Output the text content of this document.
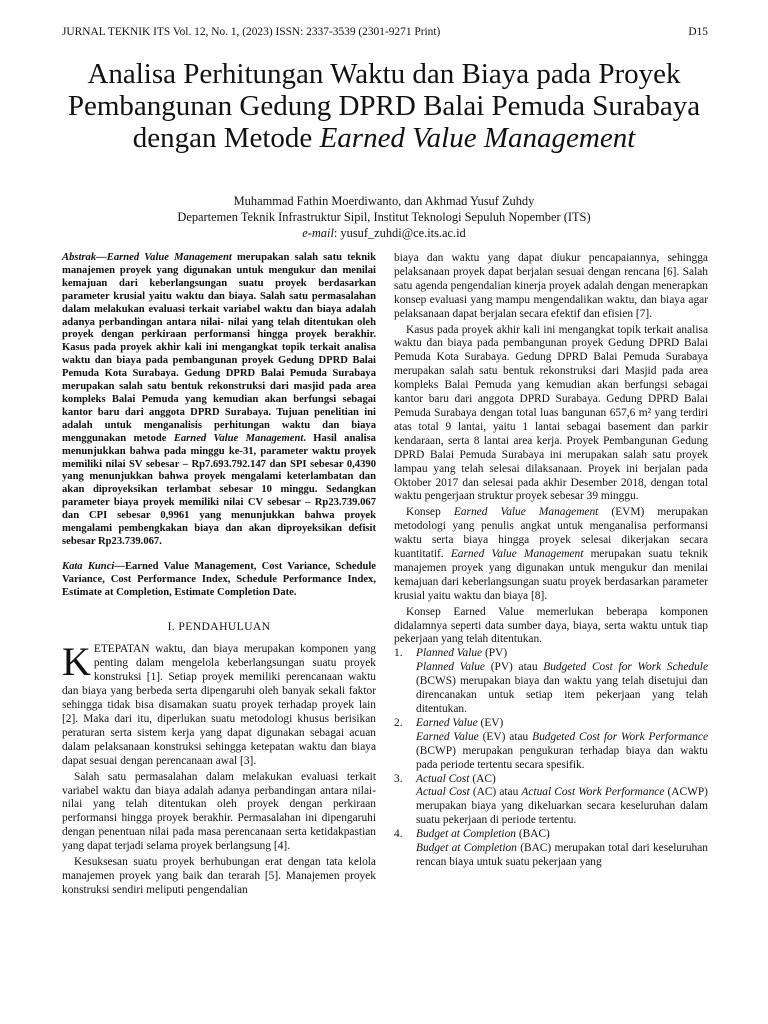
JURNAL TEKNIK ITS Vol. 12, No. 1, (2023) ISSN: 2337-3539 (2301-9271 Print)	D15
Analisa Perhitungan Waktu dan Biaya pada Proyek Pembangunan Gedung DPRD Balai Pemuda Surabaya dengan Metode Earned Value Management
Muhammad Fathin Moerdiwanto, dan Akhmad Yusuf Zuhdy
Departemen Teknik Infrastruktur Sipil, Institut Teknologi Sepuluh Nopember (ITS)
e-mail: yusuf_zuhdi@ce.its.ac.id

Abstrak—Earned Value Management merupakan salah satu teknik manajemen proyek yang digunakan untuk mengukur dan menilai kemajuan dari keberlangsungan suatu proyek berdasarkan parameter krusial yaitu waktu dan biaya. Salah satu permasalahan dalam melakukan evaluasi terkait variabel waktu dan biaya adalah adanya perbandingan antara nilai- nilai yang telah ditentukan oleh proyek dengan perkiraan performansi hingga proyek berakhir. Kasus pada proyek akhir kali ini mengangkat topik terkait analisa waktu dan biaya pada pembangunan proyek Gedung DPRD Balai Pemuda Kota Surabaya. Gedung DPRD Balai Pemuda Surabaya merupakan salah satu bentuk rekonstruksi dari masjid pada area kompleks Balai Pemuda yang kemudian akan berfungsi sebagai kantor baru dari anggota DPRD Surabaya. Tujuan penelitian ini adalah untuk menganalisis perhitungan waktu dan biaya menggunakan metode Earned Value Management. Hasil analisa menunjukkan bahwa pada minggu ke-31, parameter waktu proyek memiliki nilai SV sebesar – Rp7.693.792.147 dan SPI sebesar 0,4390 yang menunjukkan bahwa proyek mengalami keterlambatan dan akan diproyeksikan terlambat sebesar 10 minggu. Sedangkan parameter biaya proyek memiliki nilai CV sebesar – Rp23.739.067 dan CPI sebesar 0,9961 yang menunjukkan bahwa proyek mengalami pembengkakan biaya dan akan diproyeksikan defisit sebesar Rp23.739.067.

Kata Kunci—Earned Value Management, Cost Variance, Schedule Variance, Cost Performance Index, Schedule Performance Index, Estimate at Completion, Estimate Completion Date.

I. PENDAHULUAN

KETEPATAN waktu, dan biaya merupakan komponen yang penting dalam mengelola keberlangsungan suatu proyek konstruksi [1]. Setiap proyek memiliki perencanaan waktu dan biaya yang berbeda serta dipengaruhi oleh banyak sekali faktor sehingga tidak bisa disamakan suatu proyek terhadap proyek lain [2]. Maka dari itu, diperlukan suatu metodologi khusus berisikan peraturan serta sistem kerja yang dapat digunakan sebagai acuan dalam pelaksanaan konstruksi sehingga ketepatan waktu dan biaya dapat sesuai dengan perencanaan awal [3].

Salah satu permasalahan dalam melakukan evaluasi terkait variabel waktu dan biaya adalah adanya perbandingan antara nilai- nilai yang telah ditentukan oleh proyek dengan perkiraan performansi hingga proyek berakhir. Permasalahan ini dipengaruhi dengan penentuan nilai pada masa perencanaan serta ketidakpastian yang dapat terjadi selama proyek berlangsung [4].

Kesuksesan suatu proyek berhubungan erat dengan tata kelola manajemen proyek yang baik dan terarah [5]. Manajemen proyek konstruksi sendiri meliputi pengendalian

biaya dan waktu yang dapat diukur pencapaiannya, sehingga pelaksanaan proyek dapat berjalan sesuai dengan rencana [6]. Salah satu agenda pengendalian kinerja proyek adalah dengan menerapkan konsep evaluasi yang mampu mengendalikan waktu, dan biaya agar pelaksanaan dapat berjalan secara efektif dan efisien [7].

Kasus pada proyek akhir kali ini mengangkat topik terkait analisa waktu dan biaya pada pembangunan proyek Gedung DPRD Balai Pemuda Kota Surabaya. Gedung DPRD Balai Pemuda Surabaya merupakan salah satu bentuk rekonstruksi dari Masjid pada area kompleks Balai Pemuda yang kemudian akan berfungsi sebagai kantor baru dari anggota DPRD Surabaya. Gedung DPRD Balai Pemuda Surabaya dengan total luas bangunan 657,6 m² yang terdiri atas total 9 lantai, yaitu 1 lantai sebagai basement dan parkir kendaraan, serta 8 lantai area kerja. Proyek Pembangunan Gedung DPRD Balai Pemuda Surabaya ini merupakan salah satu proyek lampau yang telah selesai dilaksanaan. Proyek ini berjalan pada Oktober 2017 dan selesai pada akhir Desember 2018, dengan total waktu pengerjaan struktur proyek sebesar 39 minggu.

Konsep Earned Value Management (EVM) merupakan metodologi yang penulis angkat untuk menganalisa performansi waktu serta biaya hingga proyek selesai dikerjakan secara kuantitatif. Earned Value Management merupakan suatu teknik manajemen proyek yang digunakan untuk mengukur dan menilai kemajuan dari keberlangsungan suatu proyek berdasarkan parameter krusial yaitu waktu dan biaya [8].

Konsep Earned Value memerlukan beberapa komponen didalamnya seperti data sumber daya, biaya, serta waktu untuk tiap pekerjaan yang telah ditentukan.

1. Planned Value (PV)
Planned Value (PV) atau Budgeted Cost for Work Schedule (BCWS) merupakan biaya dan waktu yang telah disetujui dan direncanakan untuk setiap item pekerjaan yang telah ditentukan.
2. Earned Value (EV)
Earned Value (EV) atau Budgeted Cost for Work Performance (BCWP) merupakan pengukuran terhadap biaya dan waktu pada periode tertentu secara spesifik.
3. Actual Cost (AC)
Actual Cost (AC) atau Actual Cost Work Performance (ACWP) merupakan biaya yang dikeluarkan secara keseluruhan dalam suatu pekerjaan di periode tertentu.
4. Budget at Completion (BAC)
Budget at Completion (BAC) merupakan total dari keseluruhan rencan biaya untuk suatu pekerjaan yang
